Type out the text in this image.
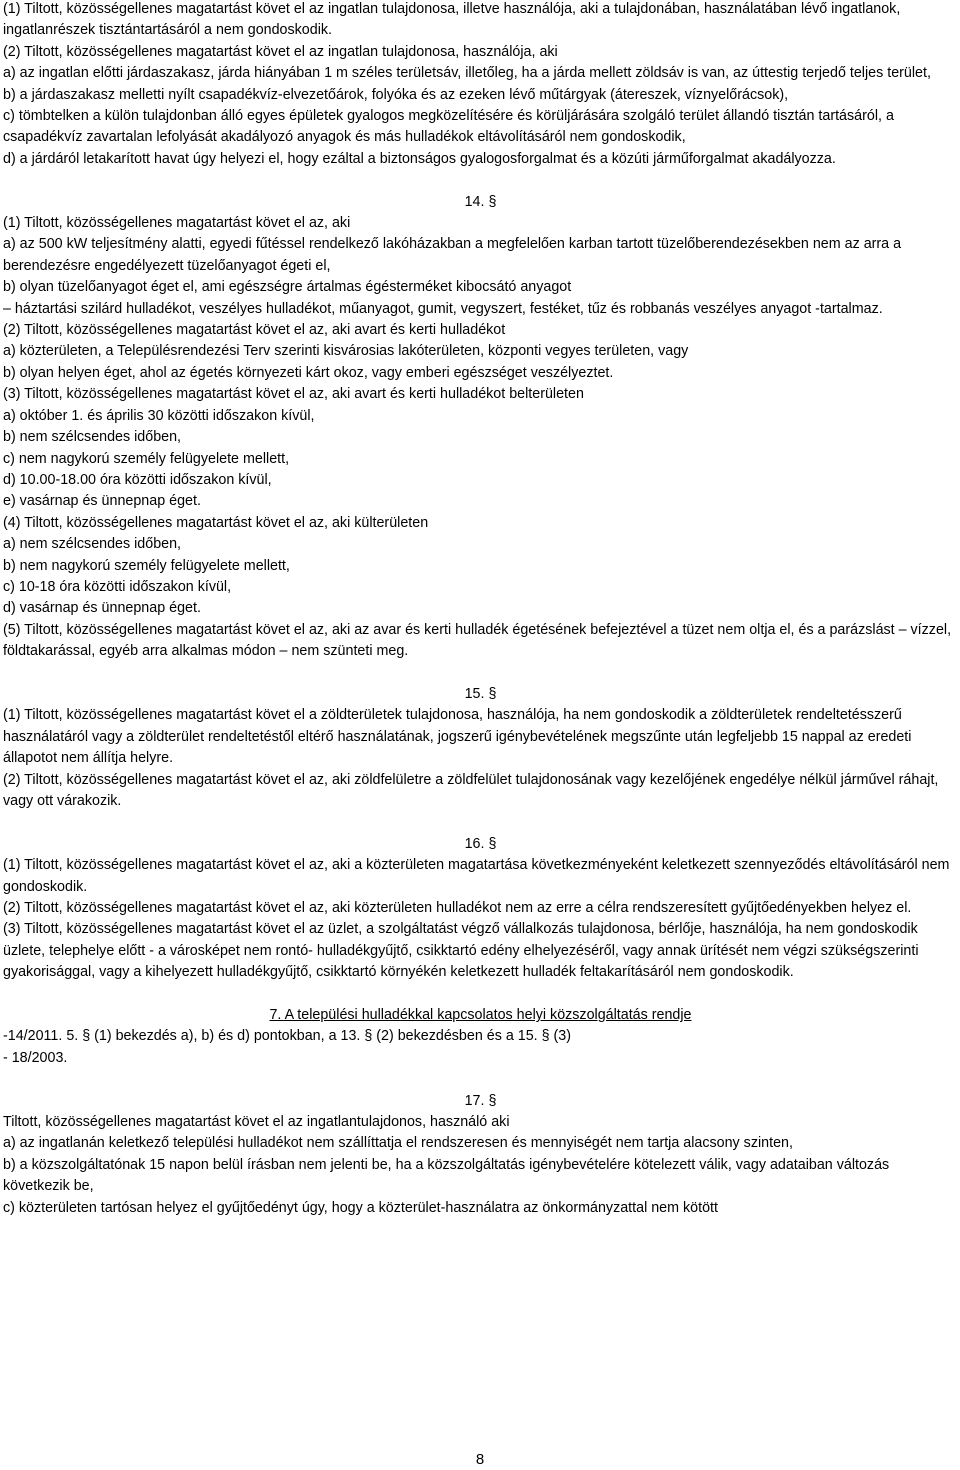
(1) Tiltott, közösségellenes magatartást követ el az ingatlan tulajdonosa, illetve használója, aki a tulajdonában, használatában lévő ingatlanok, ingatlanrészek tisztántartásáról a nem gondoskodik.

(2) Tiltott, közösségellenes magatartást követ el az ingatlan tulajdonosa, használója, aki

a) az ingatlan előtti járdaszakasz, járda hiányában 1 m széles területsáv, illetőleg, ha a járda mellett zöldsáv is van, az úttestig terjedő teljes terület,

b) a járdaszakasz melletti nyílt csapadékvíz-elvezetőárok, folyóka és az ezeken lévő műtárgyak (átereszek, víznyelőrácsok),

c) tömbtelken a külön tulajdonban álló egyes épületek gyalogos megközelítésére és körüljárására szolgáló terület állandó tisztán tartásáról, a csapadékvíz zavartalan lefolyását akadályozó anyagok és más hulladékok eltávolításáról nem gondoskodik,

d) a járdáról letakarított havat úgy helyezi el, hogy ezáltal a biztonságos gyalogosforgalmat és a közúti járműforgalmat akadályozza.

14. §

(1) Tiltott, közösségellenes magatartást követ el az, aki

a) az 500 kW teljesítmény alatti, egyedi fűtéssel rendelkező lakóházakban a megfelelően karban tartott tüzelőberendezésekben nem az arra a berendezésre engedélyezett tüzelőanyagot égeti el,

b) olyan tüzelőanyagot éget el, ami egészségre ártalmas égésterméket kibocsátó anyagot

– háztartási szilárd hulladékot, veszélyes hulladékot, műanyagot, gumit, vegyszert, festéket, tűz és robbanás veszélyes anyagot -tartalmaz.

(2) Tiltott, közösségellenes magatartást követ el az, aki avart és kerti hulladékot

a) közterületen, a Településrendezési Terv szerinti kisvárosias lakóterületen, központi vegyes területen, vagy

b) olyan helyen éget, ahol az égetés környezeti kárt okoz, vagy emberi egészséget veszélyeztet.

(3) Tiltott, közösségellenes magatartást követ el az, aki avart és kerti hulladékot belterületen

a) október 1. és április 30 közötti időszakon kívül,

b) nem szélcsendes időben,

c) nem nagykorú személy felügyelete mellett,

d) 10.00-18.00 óra közötti időszakon kívül,

e) vasárnap és ünnepnap éget.

(4) Tiltott, közösségellenes magatartást követ el az, aki külterületen

a) nem szélcsendes időben,

b) nem nagykorú személy felügyelete mellett,

c) 10-18 óra közötti időszakon kívül,

d) vasárnap és ünnepnap éget.

(5) Tiltott, közösségellenes magatartást követ el az, aki az avar és kerti hulladék égetésének befejeztével a tüzet nem oltja el, és a parázslást – vízzel, földtakarással, egyéb arra alkalmas módon – nem szünteti meg.

15. §

(1) Tiltott, közösségellenes magatartást követ el a zöldterületek tulajdonosa, használója, ha nem gondoskodik a zöldterületek rendeltetésszerű használatáról vagy a zöldterület rendeltetéstől eltérő használatának, jogszerű igénybevételének megszűnte után legfeljebb 15 nappal az eredeti állapotot nem állítja helyre.

(2) Tiltott, közösségellenes magatartást követ el az, aki zöldfelületre a zöldfelület tulajdonosának vagy kezelőjének engedélye nélkül járművel ráhajt, vagy ott várakozik.

16. §

(1) Tiltott, közösségellenes magatartást követ el az, aki a közterületen magatartása következményeként keletkezett szennyeződés eltávolításáról nem gondoskodik.

(2) Tiltott, közösségellenes magatartást követ el az, aki közterületen hulladékot nem az erre a célra rendszeresített gyűjtőedényekben helyez el.

(3) Tiltott, közösségellenes magatartást követ el az üzlet, a szolgáltatást végző vállalkozás tulajdonosa, bérlője, használója, ha nem gondoskodik üzlete, telephelye előtt - a városképet nem rontó- hulladékgyűjtő, csikktartó edény elhelyezéséről, vagy annak ürítését nem végzi szükségszerinti gyakorisággal, vagy a kihelyezett hulladékgyűjtő, csikktartó környékén keletkezett hulladék feltakarításáról nem gondoskodik.

7. A települési hulladékkal kapcsolatos helyi közszolgáltatás rendje

-14/2011. 5. § (1) bekezdés a), b) és d) pontokban, a 13. § (2) bekezdésben és a 15. § (3)

- 18/2003.

17. §

Tiltott, közösségellenes magatartást követ el az ingatlantulajdonos, használó aki

a) az ingatlanán keletkező települési hulladékot nem szállíttatja el rendszeresen és mennyiségét nem tartja alacsony szinten,

b) a közszolgáltatónak 15 napon belül írásban nem jelenti be, ha a közszolgáltatás igénybevételére kötelezett válik, vagy adataiban változás következik be,

c) közterületen tartósan helyez el gyűjtőedényt úgy, hogy a közterület-használatra az önkormányzattal nem kötött

8
